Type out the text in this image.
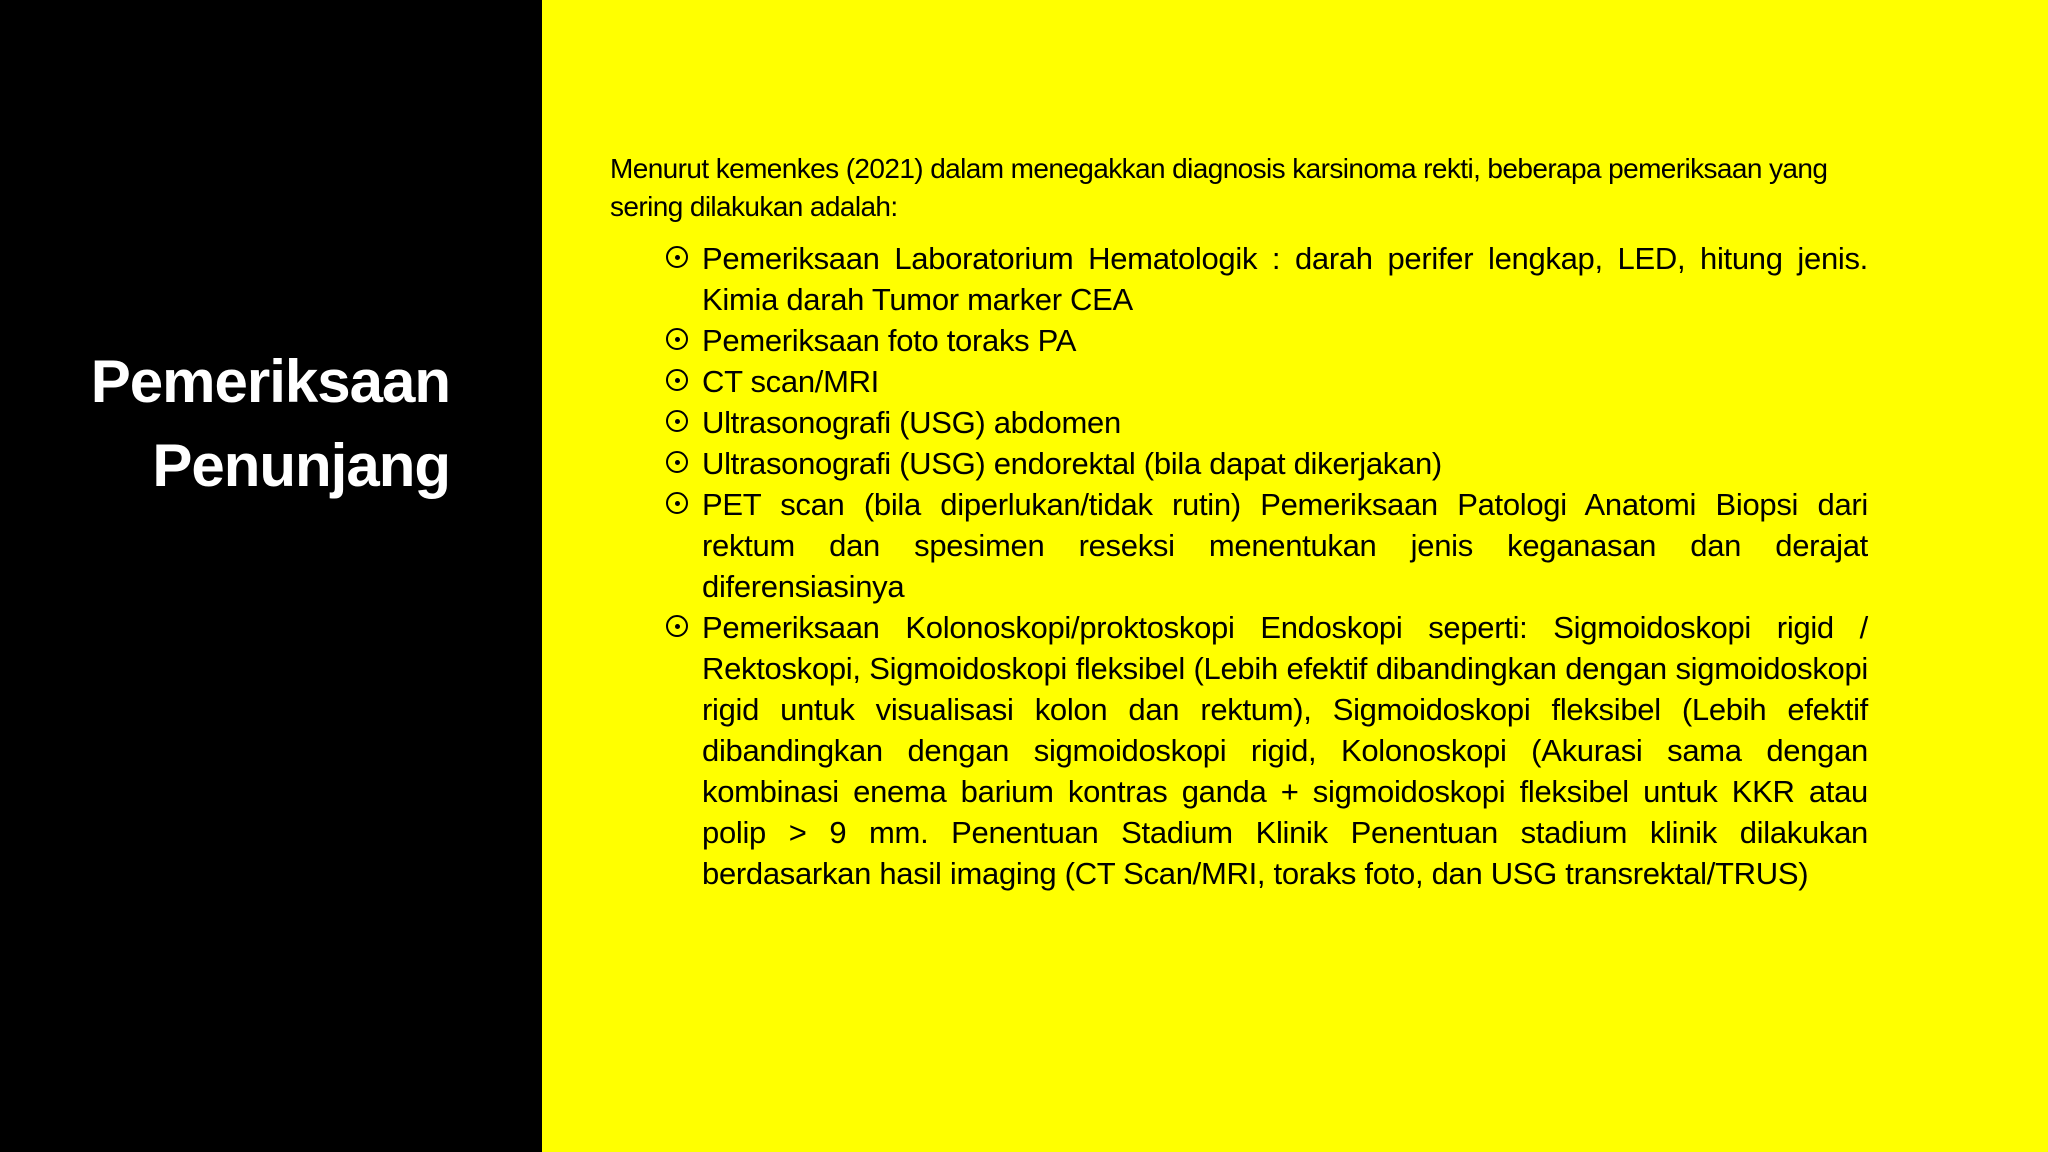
Pemeriksaan
Penunjang

Menurut kemenkes (2021) dalam menegakkan diagnosis karsinoma rekti, beberapa pemeriksaan yang sering dilakukan adalah:

Pemeriksaan Laboratorium Hematologik : darah perifer lengkap, LED, hitung jenis. Kimia darah Tumor marker CEA
Pemeriksaan foto toraks PA
CT scan/MRI
Ultrasonografi (USG) abdomen
Ultrasonografi (USG) endorektal (bila dapat dikerjakan)
PET scan (bila diperlukan/tidak rutin) Pemeriksaan Patologi Anatomi Biopsi dari rektum dan spesimen reseksi menentukan jenis keganasan dan derajat diferensiasinya
Pemeriksaan Kolonoskopi/proktoskopi Endoskopi seperti: Sigmoidoskopi rigid / Rektoskopi, Sigmoidoskopi fleksibel (Lebih efektif dibandingkan dengan sigmoidoskopi rigid untuk visualisasi kolon dan rektum), Sigmoidoskopi fleksibel (Lebih efektif dibandingkan dengan sigmoidoskopi rigid, Kolonoskopi (Akurasi sama dengan kombinasi enema barium kontras ganda + sigmoidoskopi fleksibel untuk KKR atau polip > 9 mm. Penentuan Stadium Klinik Penentuan stadium klinik dilakukan berdasarkan hasil imaging (CT Scan/MRI, toraks foto, dan USG transrektal/TRUS)
